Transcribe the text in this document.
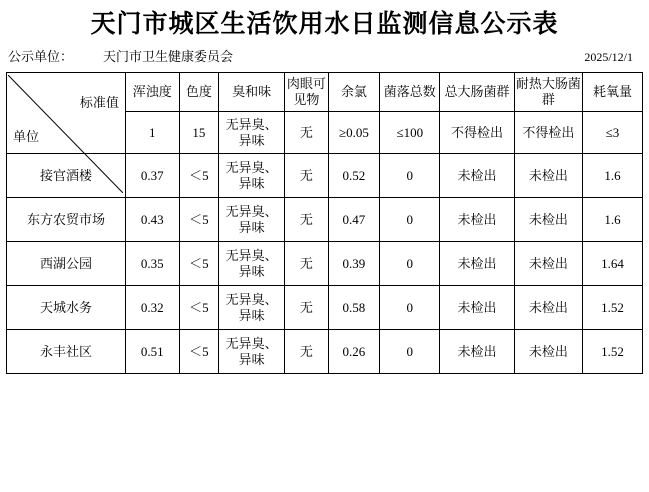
天门市城区生活饮用水日监测信息公示表
公示单位：	天门市卫生健康委员会	2025/12/1
标准值
单位	浑浊度	色度	臭和味	肉眼可见物	余氯	菌落总数	总大肠菌群	耐热大肠菌群	耗氧量
	1	15	无异臭、异味	无	≥0.05	≤100	不得检出	不得检出	≤3
接官酒楼	0.37	＜5	无异臭、异味	无	0.52	0	未检出	未检出	1.6
东方农贸市场	0.43	＜5	无异臭、异味	无	0.47	0	未检出	未检出	1.6
西湖公园	0.35	＜5	无异臭、异味	无	0.39	0	未检出	未检出	1.64
天城水务	0.32	＜5	无异臭、异味	无	0.58	0	未检出	未检出	1.52
永丰社区	0.51	＜5	无异臭、异味	无	0.26	0	未检出	未检出	1.52
